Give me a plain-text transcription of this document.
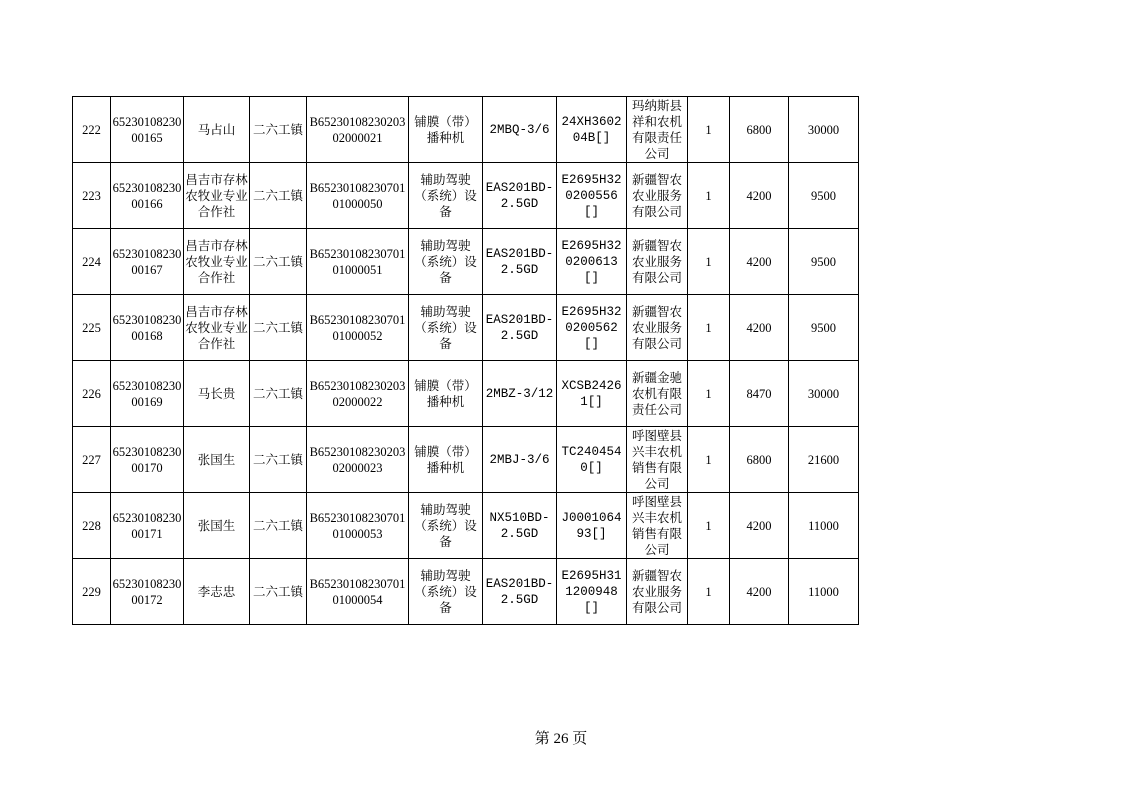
222	6523010823000165	马占山	二六工镇	B6523010823020302000021	铺膜（带）播种机	2MBQ-3/6	24XH360204B[]	玛纳斯县祥和农机有限责任公司	1	6800	30000
223	6523010823000166	昌吉市存林农牧业专业合作社	二六工镇	B6523010823070101000050	辅助驾驶（系统）设备	EAS201BD-2.5GD	E2695H320200556[]	新疆智农农业服务有限公司	1	4200	9500
224	6523010823000167	昌吉市存林农牧业专业合作社	二六工镇	B6523010823070101000051	辅助驾驶（系统）设备	EAS201BD-2.5GD	E2695H320200613[]	新疆智农农业服务有限公司	1	4200	9500
225	6523010823000168	昌吉市存林农牧业专业合作社	二六工镇	B6523010823070101000052	辅助驾驶（系统）设备	EAS201BD-2.5GD	E2695H320200562[]	新疆智农农业服务有限公司	1	4200	9500
226	6523010823000169	马长贵	二六工镇	B6523010823020302000022	铺膜（带）播种机	2MBZ-3/12	XCSB24261[]	新疆金驰农机有限责任公司	1	8470	30000
227	6523010823000170	张国生	二六工镇	B6523010823020302000023	铺膜（带）播种机	2MBJ-3/6	TC2404540[]	呼图壁县兴丰农机销售有限公司	1	6800	21600
228	6523010823000171	张国生	二六工镇	B6523010823070101000053	辅助驾驶（系统）设备	NX510BD-2.5GD	J000106493[]	呼图壁县兴丰农机销售有限公司	1	4200	11000
229	6523010823000172	李志忠	二六工镇	B6523010823070101000054	辅助驾驶（系统）设备	EAS201BD-2.5GD	E2695H311200948[]	新疆智农农业服务有限公司	1	4200	11000
第 26 页
